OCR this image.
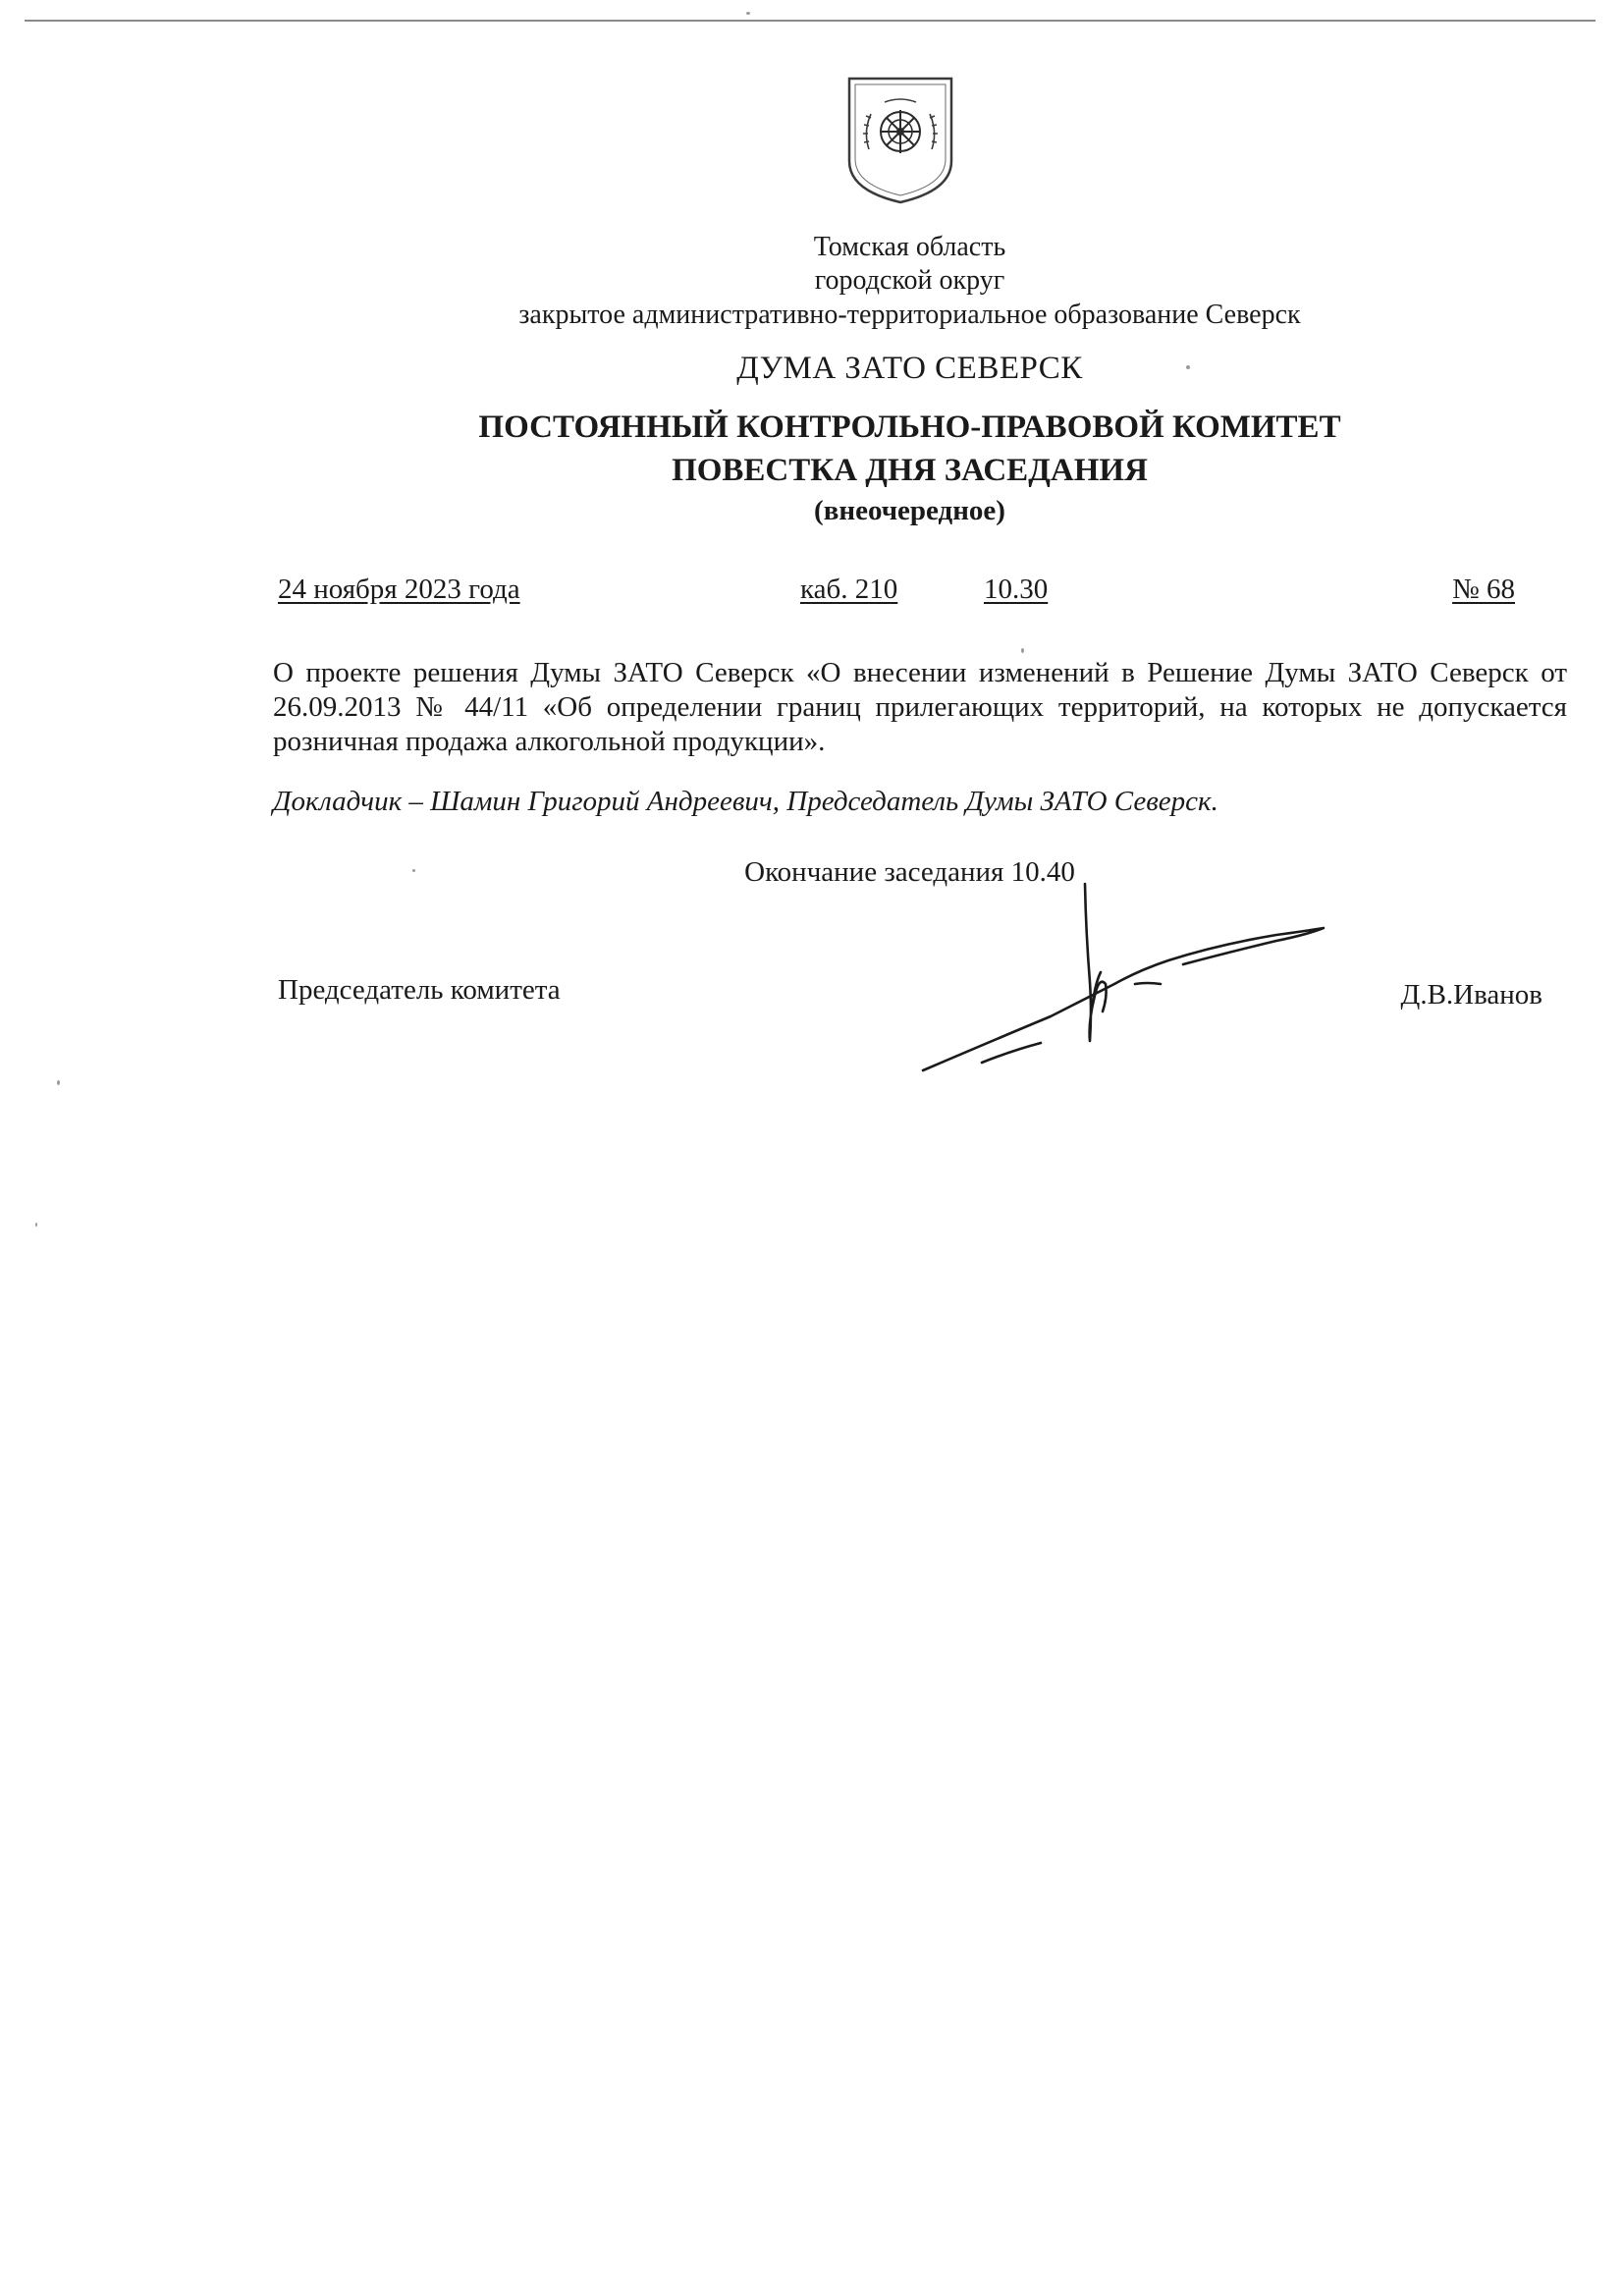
Томская область
городской округ
закрытое административно-территориальное образование Северск
ДУМА ЗАТО СЕВЕРСК
ПОСТОЯННЫЙ КОНТРОЛЬНО-ПРАВОВОЙ КОМИТЕТ
ПОВЕСТКА ДНЯ ЗАСЕДАНИЯ
(внеочередное)
24 ноября 2023 года	каб. 210	10.30	№ 68
О проекте решения Думы ЗАТО Северск «О внесении изменений в Решение Думы ЗАТО Северск от 26.09.2013 № 44/11 «Об определении границ прилегающих территорий, на которых не допускается розничная продажа алкогольной продукции».
Докладчик – Шамин Григорий Андреевич, Председатель Думы ЗАТО Северск.
Окончание заседания 10.40
Председатель комитета	Д.В.Иванов
